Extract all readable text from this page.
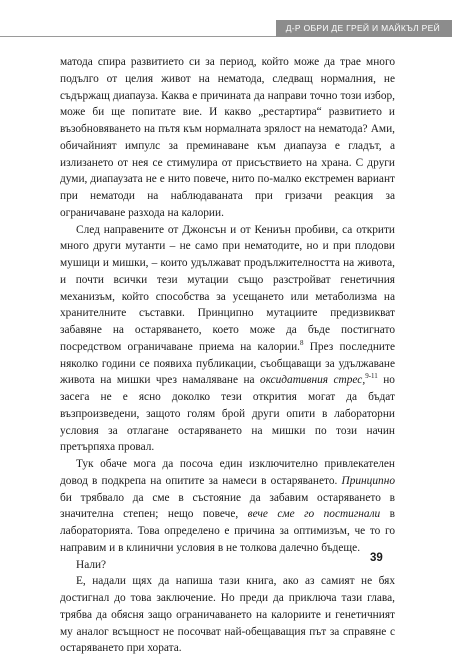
Д-Р ОБРИ ДЕ ГРЕЙ И МАЙКЪЛ РЕЙ

матода спира развитието си за период, който може да трае много подълго от целия живот на нематода, следващ нормалния, не съдържащ диапауза. Каква е причината да направи точно този избор, може би ще попитате вие. И какво „рестартира“ развитието и възобновяването на пътя към нормалната зрялост на нематода? Ами, обичайният импулс за преминаване към диапауза е гладът, а излизането от нея се стимулира от присъствието на храна. С други думи, диапаузата не е нито повече, нито по-малко екстремен вариант при нематоди на наблюдаваната при гризачи реакция за ограничаване разхода на калории.

След направените от Джонсън и от Кениън пробиви, са открити много други мутанти – не само при нематодите, но и при плодови мушици и мишки, – които удължават продължителността на живота, и почти всички тези мутации също разстройват генетичния механизъм, който способства за усещането или метаболизма на хранителните съставки. Принципно мутациите предизвикват забавяне на остаряването, което може да бъде постигнато посредством ограничаване приема на калории.$^8$ През последните няколко години се появиха публикации, съобщаващи за удължаване живота на мишки чрез намаляване на оксидативния стрес,$^{9-11}$ но засега не е ясно доколко тези открития могат да бъдат възпроизведени, защото голям брой други опити в лабораторни условия за отлагане остаряването на мишки по този начин претърпяха провал.

Тук обаче мога да посоча един изключително привлекателен довод в подкрепа на опитите за намеси в остаряването. Принципно би трябвало да сме в състояние да забавим остаряването в значителна степен; нещо повече, вече сме го постигнали в лабораторията. Това определено е причина за оптимизъм, че то го направим и в клинични условия в не толкова далечно бъдеще.

Нали?

Е, надали щях да напиша тази книга, ако аз самият не бях достигнал до това заключение. Но преди да приключа тази глава, трябва да обясня защо ограничаването на калориите и генетичният му аналог всъщност не посочват най-обещаващия път за справяне с остаряването при хората.

39
